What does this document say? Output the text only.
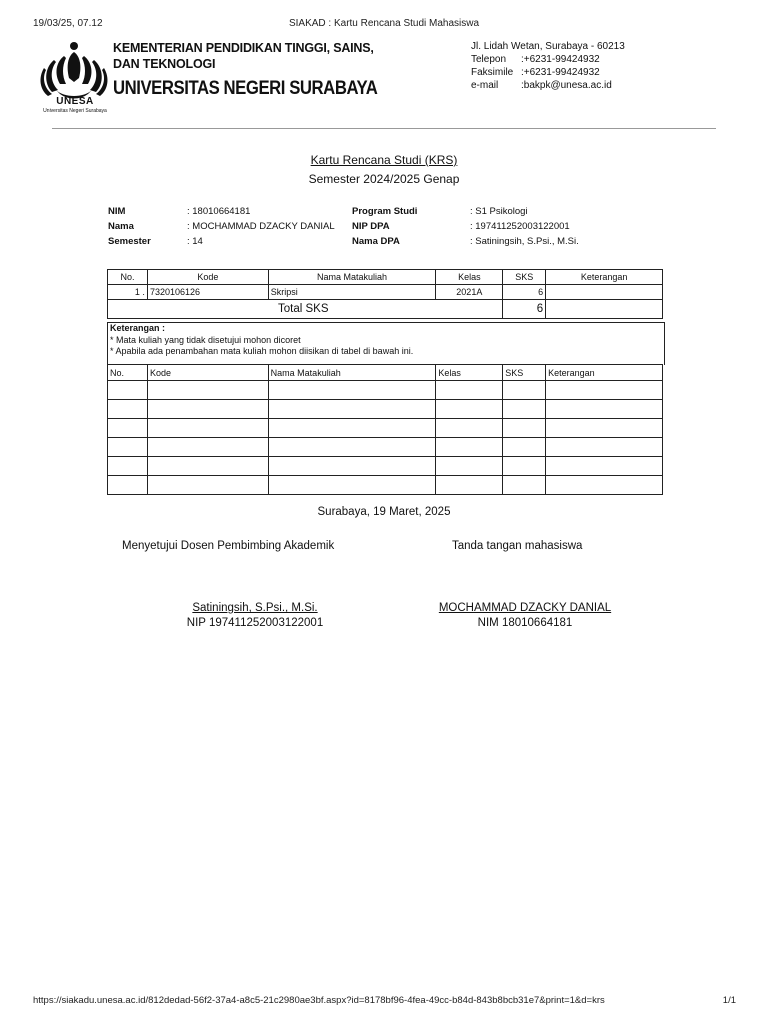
19/03/25, 07.12	SIAKAD : Kartu Rencana Studi Mahasiswa
UNESA
Universitas Negeri Surabaya
KEMENTERIAN PENDIDIKAN TINGGI, SAINS,
DAN TEKNOLOGI
UNIVERSITAS NEGERI SURABAYA
Jl. Lidah Wetan, Surabaya - 60213
Telepon	:+6231-99424932
Faksimile :+6231-99424932
e-mail	:bakpk@unesa.ac.id
Kartu Rencana Studi (KRS)
Semester 2024/2025 Genap
NIM	: 18010664181
Nama	: MOCHAMMAD DZACKY DANIAL
Semester	: 14
Program Studi	: S1 Psikologi
NIP DPA	: 197411252003122001
Nama DPA	: Satiningsih, S.Psi., M.Si.
No.	Kode	Nama Matakuliah	Kelas	SKS	Keterangan
1 .	7320106126	Skripsi	2021A	6	
Total SKS				6	
Keterangan :
* Mata kuliah yang tidak disetujui mohon dicoret
* Apabila ada penambahan mata kuliah mohon diisikan di tabel di bawah ini.
No.	Kode	Nama Matakuliah	Kelas	SKS	Keterangan

Surabaya, 19 Maret, 2025
Menyetujui Dosen Pembimbing Akademik	Tanda tangan mahasiswa
Satiningsih, S.Psi., M.Si.
NIP 197411252003122001
MOCHAMMAD DZACKY DANIAL
NIM 18010664181
https://siakadu.unesa.ac.id/812dedad-56f2-37a4-a8c5-21c2980ae3bf.aspx?id=8178bf96-4fea-49cc-b84d-843b8bcb31e7&print=1&d=krs	1/1
